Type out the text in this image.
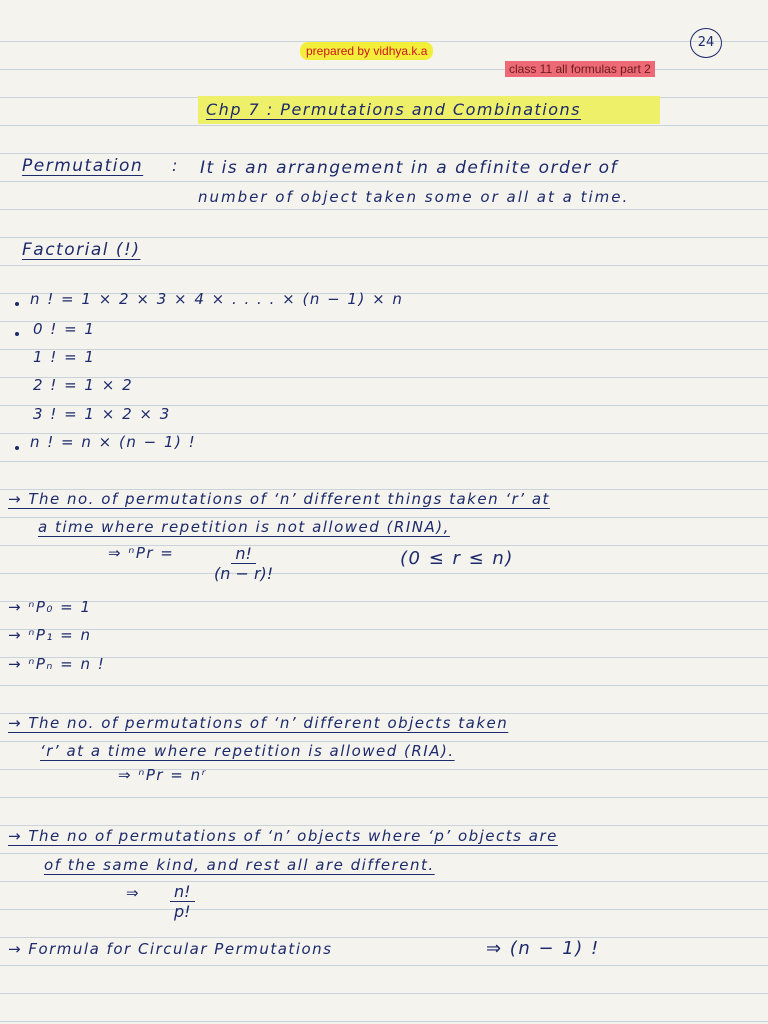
prepared by vidhya.k.a
class 11 all formulas part 2
24
Chp 7 : Permutations and Combinations
Permutation : It is an arrangement in a definite order of
number of object taken some or all at a time.
Factorial (!)
n ! = 1 × 2 × 3 × 4 × . . . . × (n − 1) × n
0 ! = 1
1 ! = 1
2 ! = 1 × 2
3 ! = 1 × 2 × 3
n ! = n × (n − 1) !
→ The no. of permutations of ‘n’ different things taken ‘r’ at
a time where repetition is not allowed (RINA),
⇒ $^nPr = \frac{n!}{(n - r)!}$	(0 ≤ r ≤ n)
→ ⁿP₀ = 1
→ ⁿP₁ = n
→ ⁿPₙ = n !
→ The no. of permutations of ‘n’ different objects taken
‘r’ at a time where repetition is allowed (RIA).
⇒ ⁿPr = nʳ
→ The no of permutations of ‘n’ objects where ‘p’ objects are
of the same kind, and rest all are different.
⇒ $\frac{n!}{p!}$
→ Formula for Circular Permutations	⇒ (n − 1) !
